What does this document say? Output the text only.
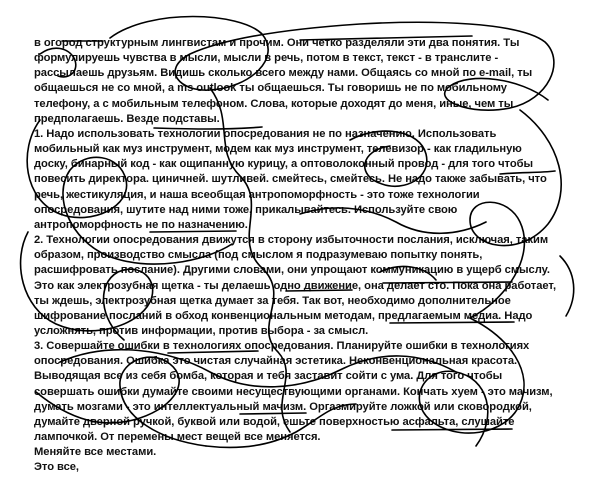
в огород структурным лингвистам и прочим. Они четко разделяли эти два понятия. Ты
формулируешь чувства в мысли, мысли в речь, потом в текст, текст - в транслите -
рассылаешь друзьям. Видишь сколько всего между нами. Общаясь со мной по e-mail, ты
общаешься не со мной, а ms outlook ты общаешься. Ты говоришь не по мобильному
телефону, а с мобильным телефоном. Слова, которые доходят до меня, иные, чем ты
предполагаешь. Везде подставы.
1. Надо использовать технологии опосредования не по назначению. Использовать
мобильный как муз инструмент, модем как муз инструмент, телевизор - как гладильную
доску, бинарный код - как ощипанную курицу, а оптоволоконный провод - для того чтобы
повесить директора. циничней. шутливей. смейтесь, смейтесь. Не надо также забывать, что
речь, жестикуляция, и наша всеобщая антропоморфность - это тоже технологии
опосредования, шутите над ними тоже, прикалывайтесь. Используйте свою
антропоморфность не по назначению.
2. Технологии опосредования движутся в сторону избыточности послания, исключая, таким
образом, производство смысла (под смыслом я подразумеваю попытку понять,
расшифровать послание). Другими словами, они упрощают коммуникацию в ущерб смыслу.
Это как электрозубная щетка - ты делаешь одно движение, она делает сто. Пока она работает,
ты ждешь, электрозубная щетка думает за тебя. Так вот, необходимо дополнительное
шифрование посланий в обход конвенциональным методам, предлагаемым медиа. Надо
усложнять, против информации, против выбора - за смысл.
3. Совершайте ошибки в технологиях опосредования. Планируйте ошибки в технологиях
опосредования. Ошибка это чистая случайная эстетика. Неконвенциональная красота.
Выводящая все из себя бомба, которая и тебя заставит сойти с ума. Для того чтобы
совершать ошибки думайте своими несуществующими органами. Кончать хуем - это мачизм,
думать мозгами - это интеллектуальный мачизм. Оргазмируйте ложкой или сковородкой,
думайте дверной ручкой, буквой или водой, ешьте поверхностью асфальта, слушайте
лампочкой. От перемены мест вещей все меняется.
Меняйте все местами.
Это все,
